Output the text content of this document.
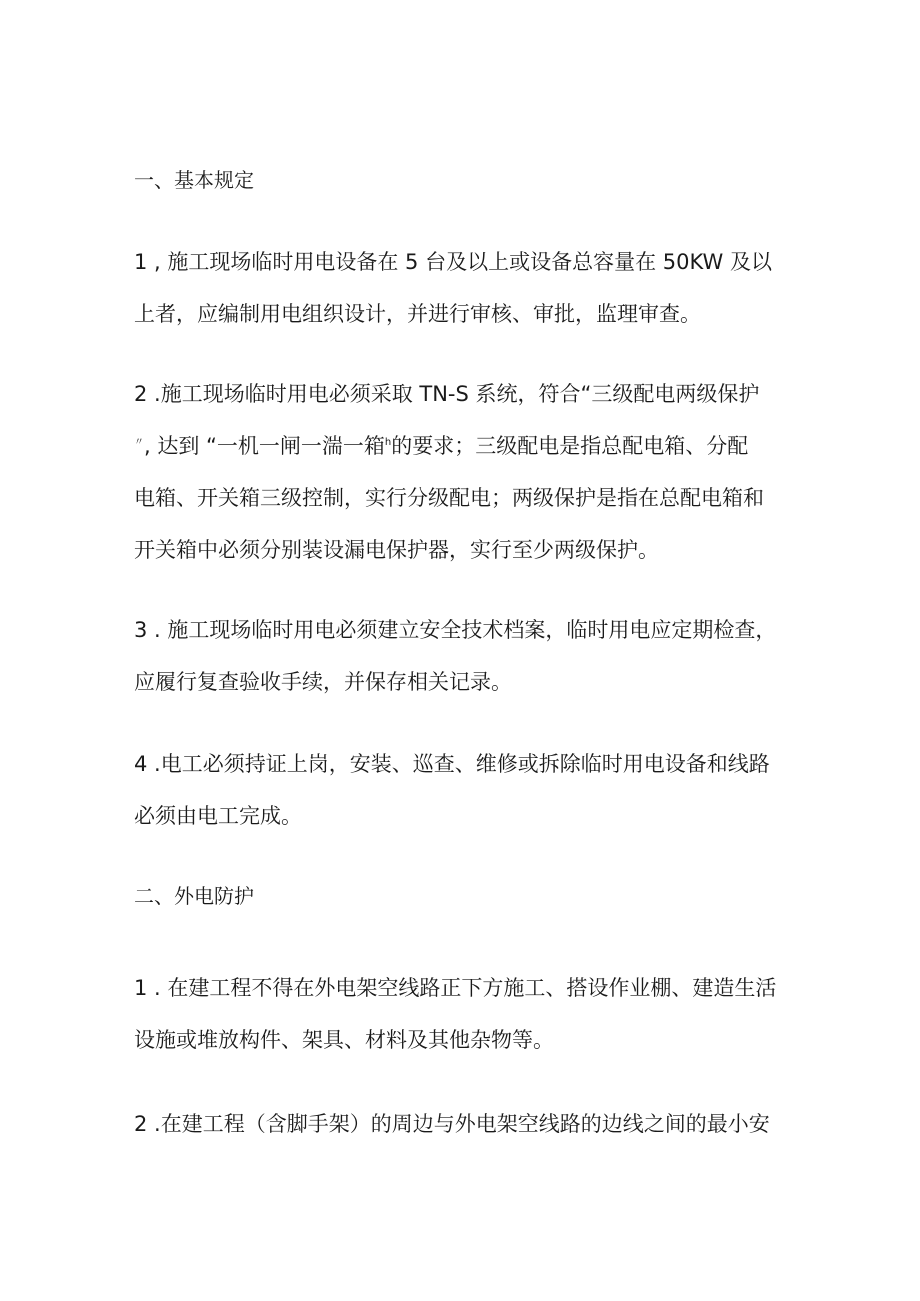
一、基本规定

1 , 施工现场临时用电设备在 5 台及以上或设备总容量在 50KW 及以
上者，应编制用电组织设计，并进行审核、审批，监理审查。
2 .施工现场临时用电必须采取 TN-S 系统，符合“三级配电两级保护
〃, 达到 “一机一闸一湍一箱$^h$的要求；三级配电是指总配电箱、分配
电箱、开关箱三级控制，实行分级配电；两级保护是指在总配电箱和
开关箱中必须分别装设漏电保护器，实行至少两级保护。
3 . 施工现场临时用电必须建立安全技术档案，临时用电应定期检查，
应履行复查验收手续，并保存相关记录。
4 .电工必须持证上岗，安装、巡查、维修或拆除临时用电设备和线路
必须由电工完成。

二、外电防护

1 . 在建工程不得在外电架空线路正下方施工、搭设作业棚、建造生活
设施或堆放构件、架具、材料及其他杂物等。
2 .在建工程（含脚手架）的周边与外电架空线路的边线之间的最小安
